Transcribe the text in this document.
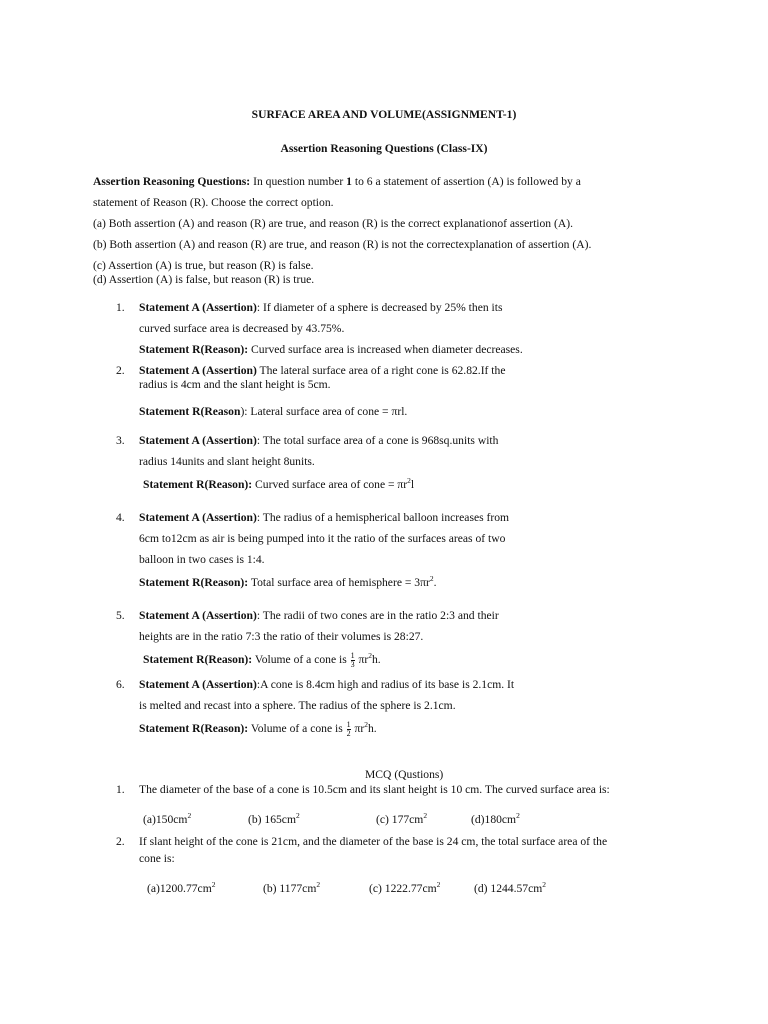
SURFACE AREA AND VOLUME(ASSIGNMENT-1)
Assertion Reasoning Questions (Class-IX)
Assertion Reasoning Questions: In question number 1 to 6 a statement of assertion (A) is followed by a
statement of Reason (R). Choose the correct option.
(a) Both assertion (A) and reason (R) are true, and reason (R) is the correct explanationof assertion (A).
(b) Both assertion (A) and reason (R) are true, and reason (R) is not the correctexplanation of assertion (A).
(c) Assertion (A) is true, but reason (R) is false.
(d) Assertion (A) is false, but reason (R) is true.
1. Statement A (Assertion): If diameter of a sphere is decreased by 25% then its
curved surface area is decreased by 43.75%.
Statement R(Reason): Curved surface area is increased when diameter decreases.
2. Statement A (Assertion) The lateral surface area of a right cone is 62.82.If the
radius is 4cm and the slant height is 5cm.
Statement R(Reason): Lateral surface area of cone = πrl.
3. Statement A (Assertion): The total surface area of a cone is 968sq.units with
radius 14units and slant height 8units.
Statement R(Reason): Curved surface area of cone = $\pi r^2l$
4. Statement A (Assertion): The radius of a hemispherical balloon increases from
6cm to12cm as air is being pumped into it the ratio of the surfaces areas of two
balloon in two cases is 1:4.
Statement R(Reason): Total surface area of hemisphere = $3\pi r^2$.
5. Statement A (Assertion): The radii of two cones are in the ratio 2:3 and their
heights are in the ratio 7:3 the ratio of their volumes is 28:27.
Statement R(Reason): Volume of a cone is $\frac{1}{3} \pi r^2h$.
6. Statement A (Assertion):A cone is 8.4cm high and radius of its base is 2.1cm. It
is melted and recast into a sphere. The radius of the sphere is 2.1cm.
Statement R(Reason): Volume of a cone is $\frac{1}{2} \pi r^2h$.
MCQ (Qustions)
1. The diameter of the base of a cone is 10.5cm and its slant height is 10 cm. The curved surface area is:
$(a)150cm^2$	(b) $165cm^2$	(c) $177cm^2$	$(d)180cm^2$
2. If slant height of the cone is 21cm, and the diameter of the base is 24 cm, the total surface area of the
cone is:
$(a)1200.77cm^2$	(b) $1177cm^2$	(c) $1222.77cm^2$	(d) $1244.57cm^2$
